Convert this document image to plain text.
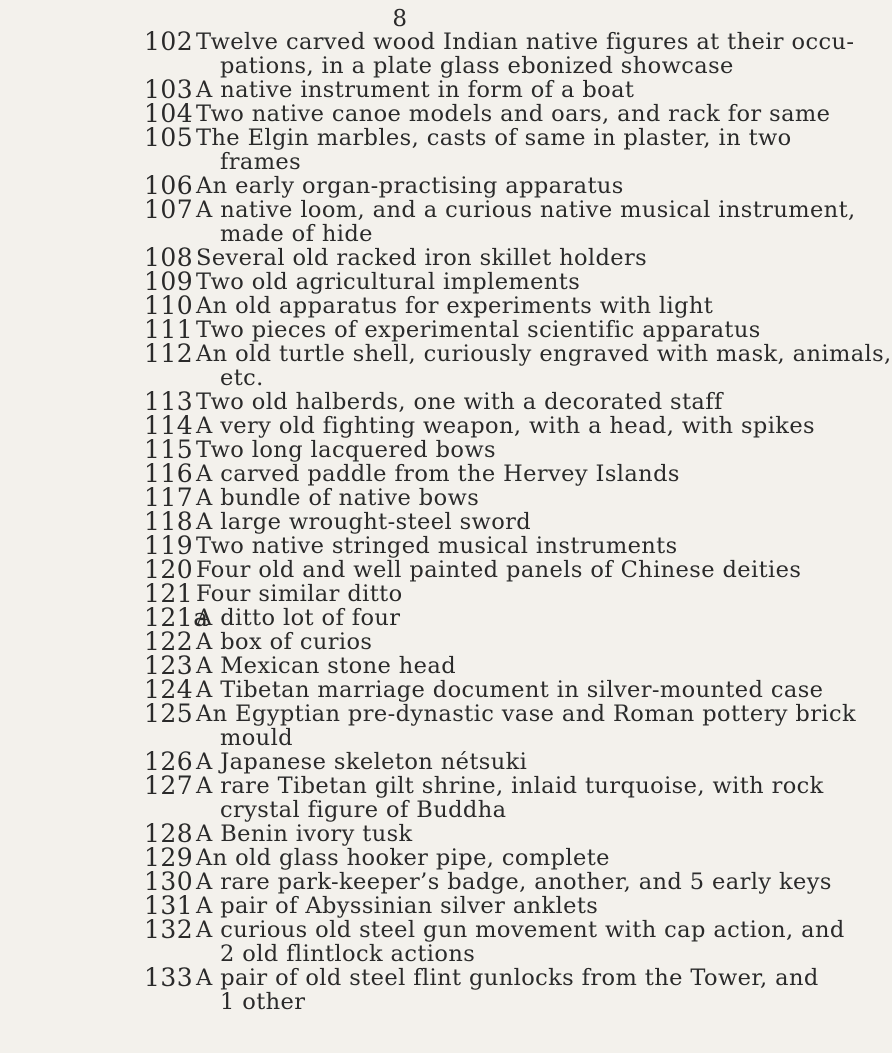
8
102 Twelve carved wood Indian native figures at their occu-
pations, in a plate glass ebonized showcase
103 A native instrument in form of a boat
104 Two native canoe models and oars, and rack for same
105 The Elgin marbles, casts of same in plaster, in two
frames
106 An early organ-practising apparatus
107 A native loom, and a curious native musical instrument,
made of hide
108 Several old racked iron skillet holders
109 Two old agricultural implements
110 An old apparatus for experiments with light
111 Two pieces of experimental scientific apparatus
112 An old turtle shell, curiously engraved with mask, animals,
etc.
113 Two old halberds, one with a decorated staff
114 A very old fighting weapon, with a head, with spikes
115 Two long lacquered bows
116 A carved paddle from the Hervey Islands
117 A bundle of native bows
118 A large wrought-steel sword
119 Two native stringed musical instruments
120 Four old and well painted panels of Chinese deities
121 Four similar ditto
121a
A ditto lot of four
122 A box of curios
123 A Mexican stone head
124 A Tibetan marriage document in silver-mounted case
125 An Egyptian pre-dynastic vase and Roman pottery brick
mould
126 A Japanese skeleton nétsuki
127 A rare Tibetan gilt shrine, inlaid turquoise, with rock
crystal figure of Buddha
128 A Benin ivory tusk
129 An old glass hooker pipe, complete
130 A rare park-keeper’s badge, another, and 5 early keys
131 A pair of Abyssinian silver anklets
132 A curious old steel gun movement with cap action, and
2 old flintlock actions
133 A pair of old steel flint gunlocks from the Tower, and
1 other
